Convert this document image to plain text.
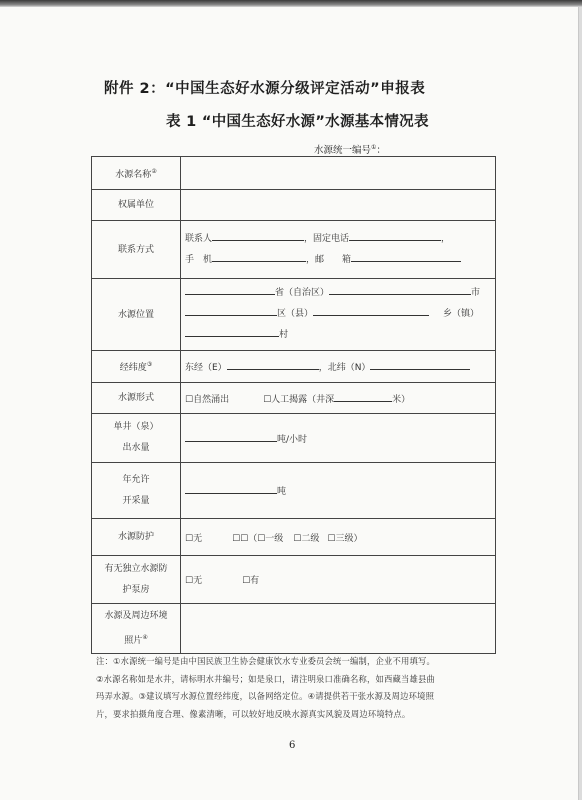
附件 2：“中国生态好水源分级评定活动”申报表
表 1 “中国生态好水源”水源基本情况表
水源统一编号①：
水源名称②	
权属单位	
联系方式	联系人 ，固定电话 ，
手　机 ，邮　　箱

水源位置	省（自治区） 市
区（县） 乡（镇）
村

经纬度③	东经（E） ，北纬（N）
水源形式	☐自然涌出 ☐人工揭露（井深 米）

单井（泉）
出水量	吨/小时

年允许
开采量	吨
水源防护	☐无 ☐☐（☐一级 ☐二级 ☐三级）

有无独立水源防
护泵房	☐无 ☐有

水源及周边环境
照片④

注：①水源统一编号是由中国民族卫生协会健康饮水专业委员会统一编制，企业不用填写。
②水源名称如是水井，请标明水井编号；如是泉口，请注明泉口准确名称，如西藏当雄县曲
玛弄水源。③建议填写水源位置经纬度，以备网络定位。④请提供若干张水源及周边环境照
片，要求拍摄角度合理、像素清晰，可以较好地反映水源真实风貌及周边环境特点。
6
